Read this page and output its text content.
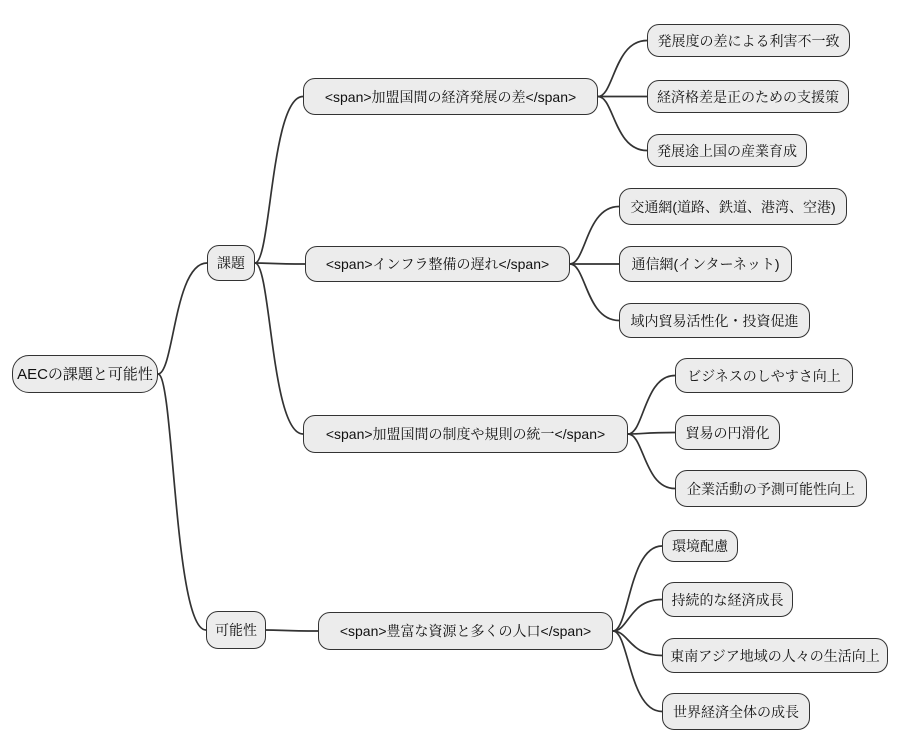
AECの課題と可能性
課題
可能性
<span>加盟国間の経済発展の差</span>
<span>インフラ整備の遅れ</span>
<span>加盟国間の制度や規則の統一</span>
<span>豊富な資源と多くの人口</span>
発展度の差による利害不一致
経済格差是正のための支援策
発展途上国の産業育成
交通網(道路、鉄道、港湾、空港)
通信網(インターネット)
域内貿易活性化・投資促進
ビジネスのしやすさ向上
貿易の円滑化
企業活動の予測可能性向上
環境配慮
持続的な経済成長
東南アジア地域の人々の生活向上
世界経済全体の成長
